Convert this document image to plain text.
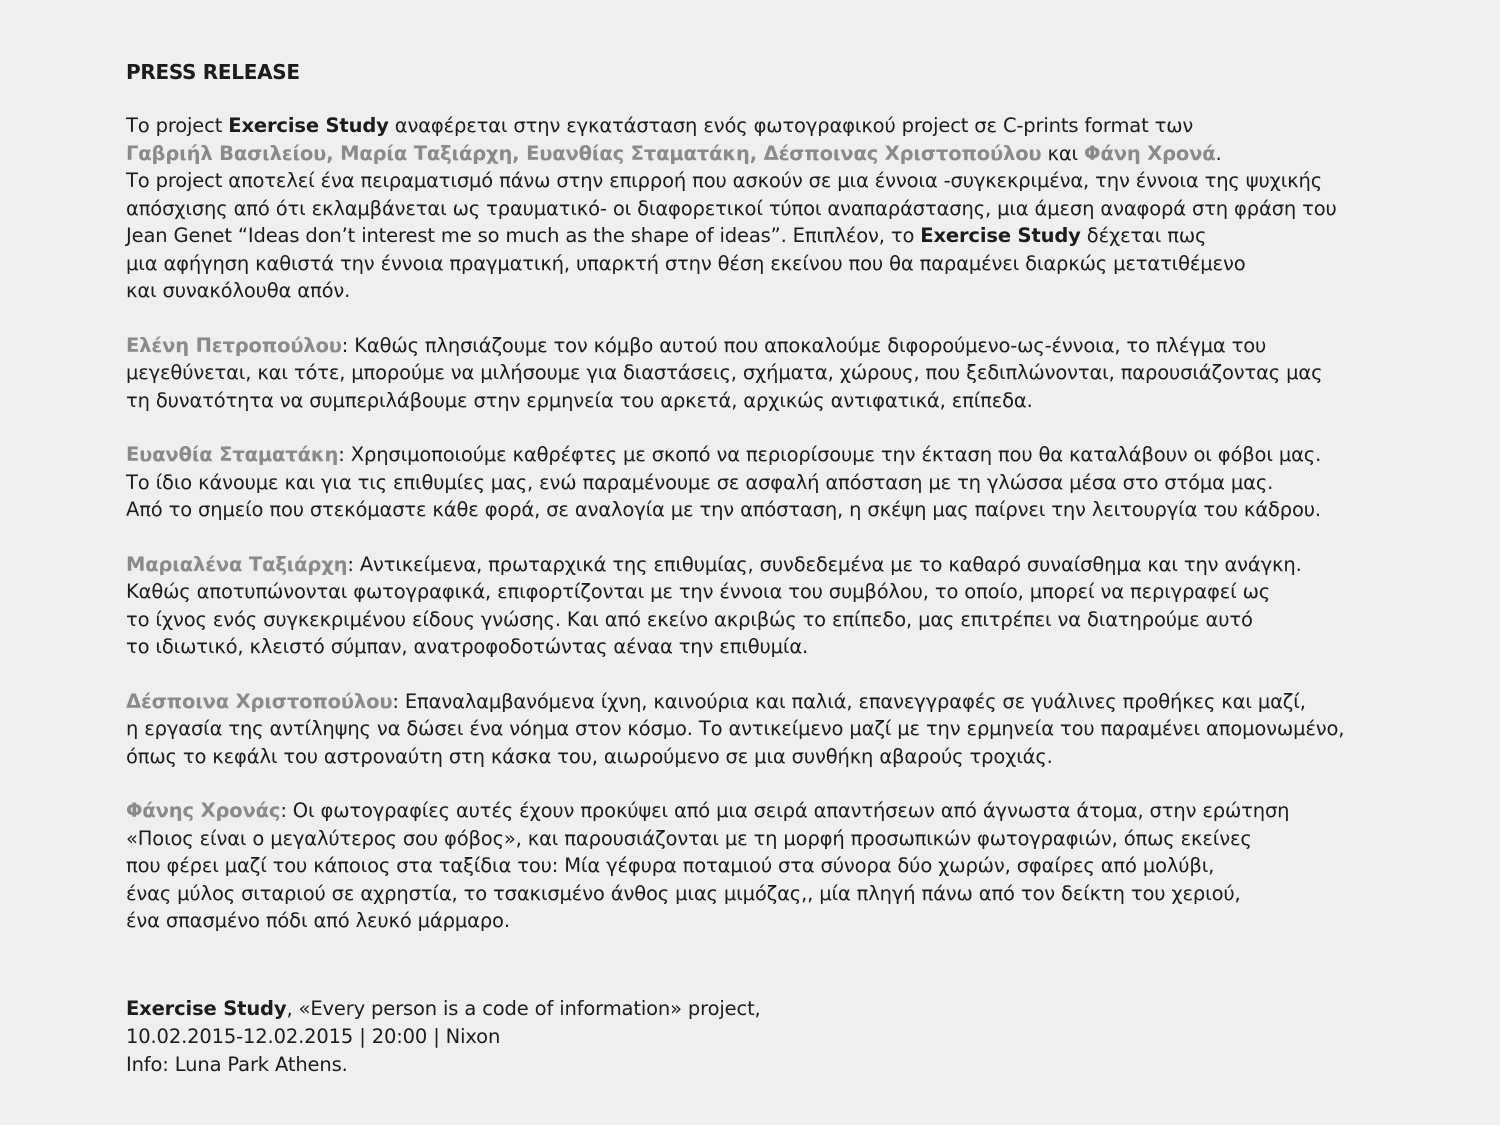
PRESS RELEASE
Το project Exercise Study αναφέρεται στην εγκατάσταση ενός φωτογραφικού project σε C-prints format των
Γαβριήλ Βασιλείου, Μαρία Ταξιάρχη, Ευανθίας Σταματάκη, Δέσποινας Χριστοπούλου και Φάνη Χρονά.
Το project αποτελεί ένα πειραματισμό πάνω στην επιρροή που ασκούν σε μια έννοια -συγκεκριμένα, την έννοια της ψυχικής
απόσχισης από ότι εκλαμβάνεται ως τραυματικό- οι διαφορετικοί τύποι αναπαράστασης, μια άμεση αναφορά στη φράση του
Jean Genet “Ideas don’t interest me so much as the shape of ideas”. Επιπλέον, το Exercise Study δέχεται πως
μια αφήγηση καθιστά την έννοια πραγματική, υπαρκτή στην θέση εκείνου που θα παραμένει διαρκώς μετατιθέμενο
και συνακόλουθα απόν.
Ελένη Πετροπούλου: Καθώς πλησιάζουμε τον κόμβο αυτού που αποκαλούμε διφορούμενο-ως-έννοια, το πλέγμα του
μεγεθύνεται, και τότε, μπορούμε να μιλήσουμε για διαστάσεις, σχήματα, χώρους, που ξεδιπλώνονται, παρουσιάζοντας μας
τη δυνατότητα να συμπεριλάβουμε στην ερμηνεία του αρκετά, αρχικώς αντιφατικά, επίπεδα.
Ευανθία Σταματάκη: Χρησιμοποιούμε καθρέφτες με σκοπό να περιορίσουμε την έκταση που θα καταλάβουν οι φόβοι μας.
Το ίδιο κάνουμε και για τις επιθυμίες μας, ενώ παραμένουμε σε ασφαλή απόσταση με τη γλώσσα μέσα στο στόμα μας.
Από το σημείο που στεκόμαστε κάθε φορά, σε αναλογία με την απόσταση, η σκέψη μας παίρνει την λειτουργία του κάδρου.
Μαριαλένα Ταξιάρχη: Αντικείμενα, πρωταρχικά της επιθυμίας, συνδεδεμένα με το καθαρό συναίσθημα και την ανάγκη.
Καθώς αποτυπώνονται φωτογραφικά, επιφορτίζονται με την έννοια του συμβόλου, το οποίο, μπορεί να περιγραφεί ως
το ίχνος ενός συγκεκριμένου είδους γνώσης. Και από εκείνο ακριβώς το επίπεδο, μας επιτρέπει να διατηρούμε αυτό
το ιδιωτικό, κλειστό σύμπαν, ανατροφοδοτώντας αέναα την επιθυμία.
Δέσποινα Χριστοπούλου: Επαναλαμβανόμενα ίχνη, καινούρια και παλιά, επανεγγραφές σε γυάλινες προθήκες και μαζί,
η εργασία της αντίληψης να δώσει ένα νόημα στον κόσμο. Το αντικείμενο μαζί με την ερμηνεία του παραμένει απομονωμένο,
όπως το κεφάλι του αστροναύτη στη κάσκα του, αιωρούμενο σε μια συνθήκη αβαρούς τροχιάς.
Φάνης Χρονάς: Οι φωτογραφίες αυτές έχουν προκύψει από μια σειρά απαντήσεων από άγνωστα άτομα, στην ερώτηση
«Ποιος είναι ο μεγαλύτερος σου φόβος», και παρουσιάζονται με τη μορφή προσωπικών φωτογραφιών, όπως εκείνες
που φέρει μαζί του κάποιος στα ταξίδια του: Μία γέφυρα ποταμιού στα σύνορα δύο χωρών, σφαίρες από μολύβι,
ένας μύλος σιταριού σε αχρηστία, το τσακισμένο άνθος μιας μιμόζας,, μία πληγή πάνω από τον δείκτη του χεριού,
ένα σπασμένο πόδι από λευκό μάρμαρο.
Exercise Study, «Every person is a code of information» project,
10.02.2015-12.02.2015 | 20:00 | Nixon
Info: Luna Park Athens.
